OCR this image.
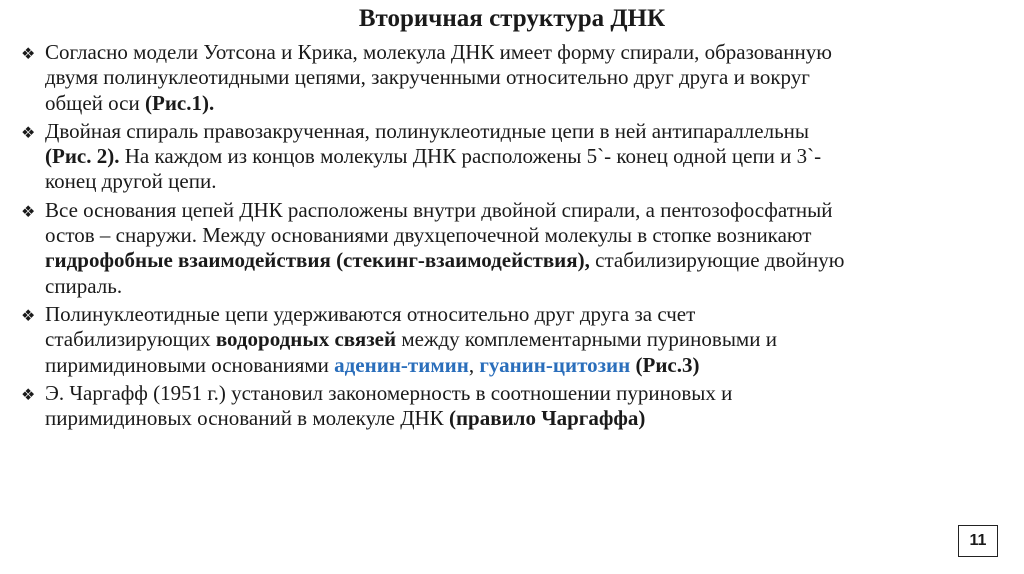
Вторичная структура ДНК
❖ Согласно модели Уотсона и Крика, молекула ДНК имеет форму спирали, образованную
двумя полинуклеотидными цепями, закрученными относительно друг друга и вокруг
общей оси (Рис.1).
❖ Двойная спираль правозакрученная, полинуклеотидные цепи в ней антипараллельны
(Рис. 2). На каждом из концов молекулы ДНК расположены 5`- конец одной цепи и 3`-
конец другой цепи.
❖ Все основания цепей ДНК расположены внутри двойной спирали, а пентозофосфатный
остов – снаружи. Между основаниями двухцепочечной молекулы в стопке возникают
гидрофобные взаимодействия (стекинг-взаимодействия), стабилизирующие двойную
спираль.
❖ Полинуклеотидные цепи удерживаются относительно друг друга за счет
стабилизирующих водородных связей между комплементарными пуриновыми и
пиримидиновыми основаниями аденин-тимин, гуанин-цитозин (Рис.3)
❖ Э. Чаргафф (1951 г.) установил закономерность в соотношении пуриновых и
пиримидиновых оснований в молекуле ДНК (правило Чаргаффа)
11
